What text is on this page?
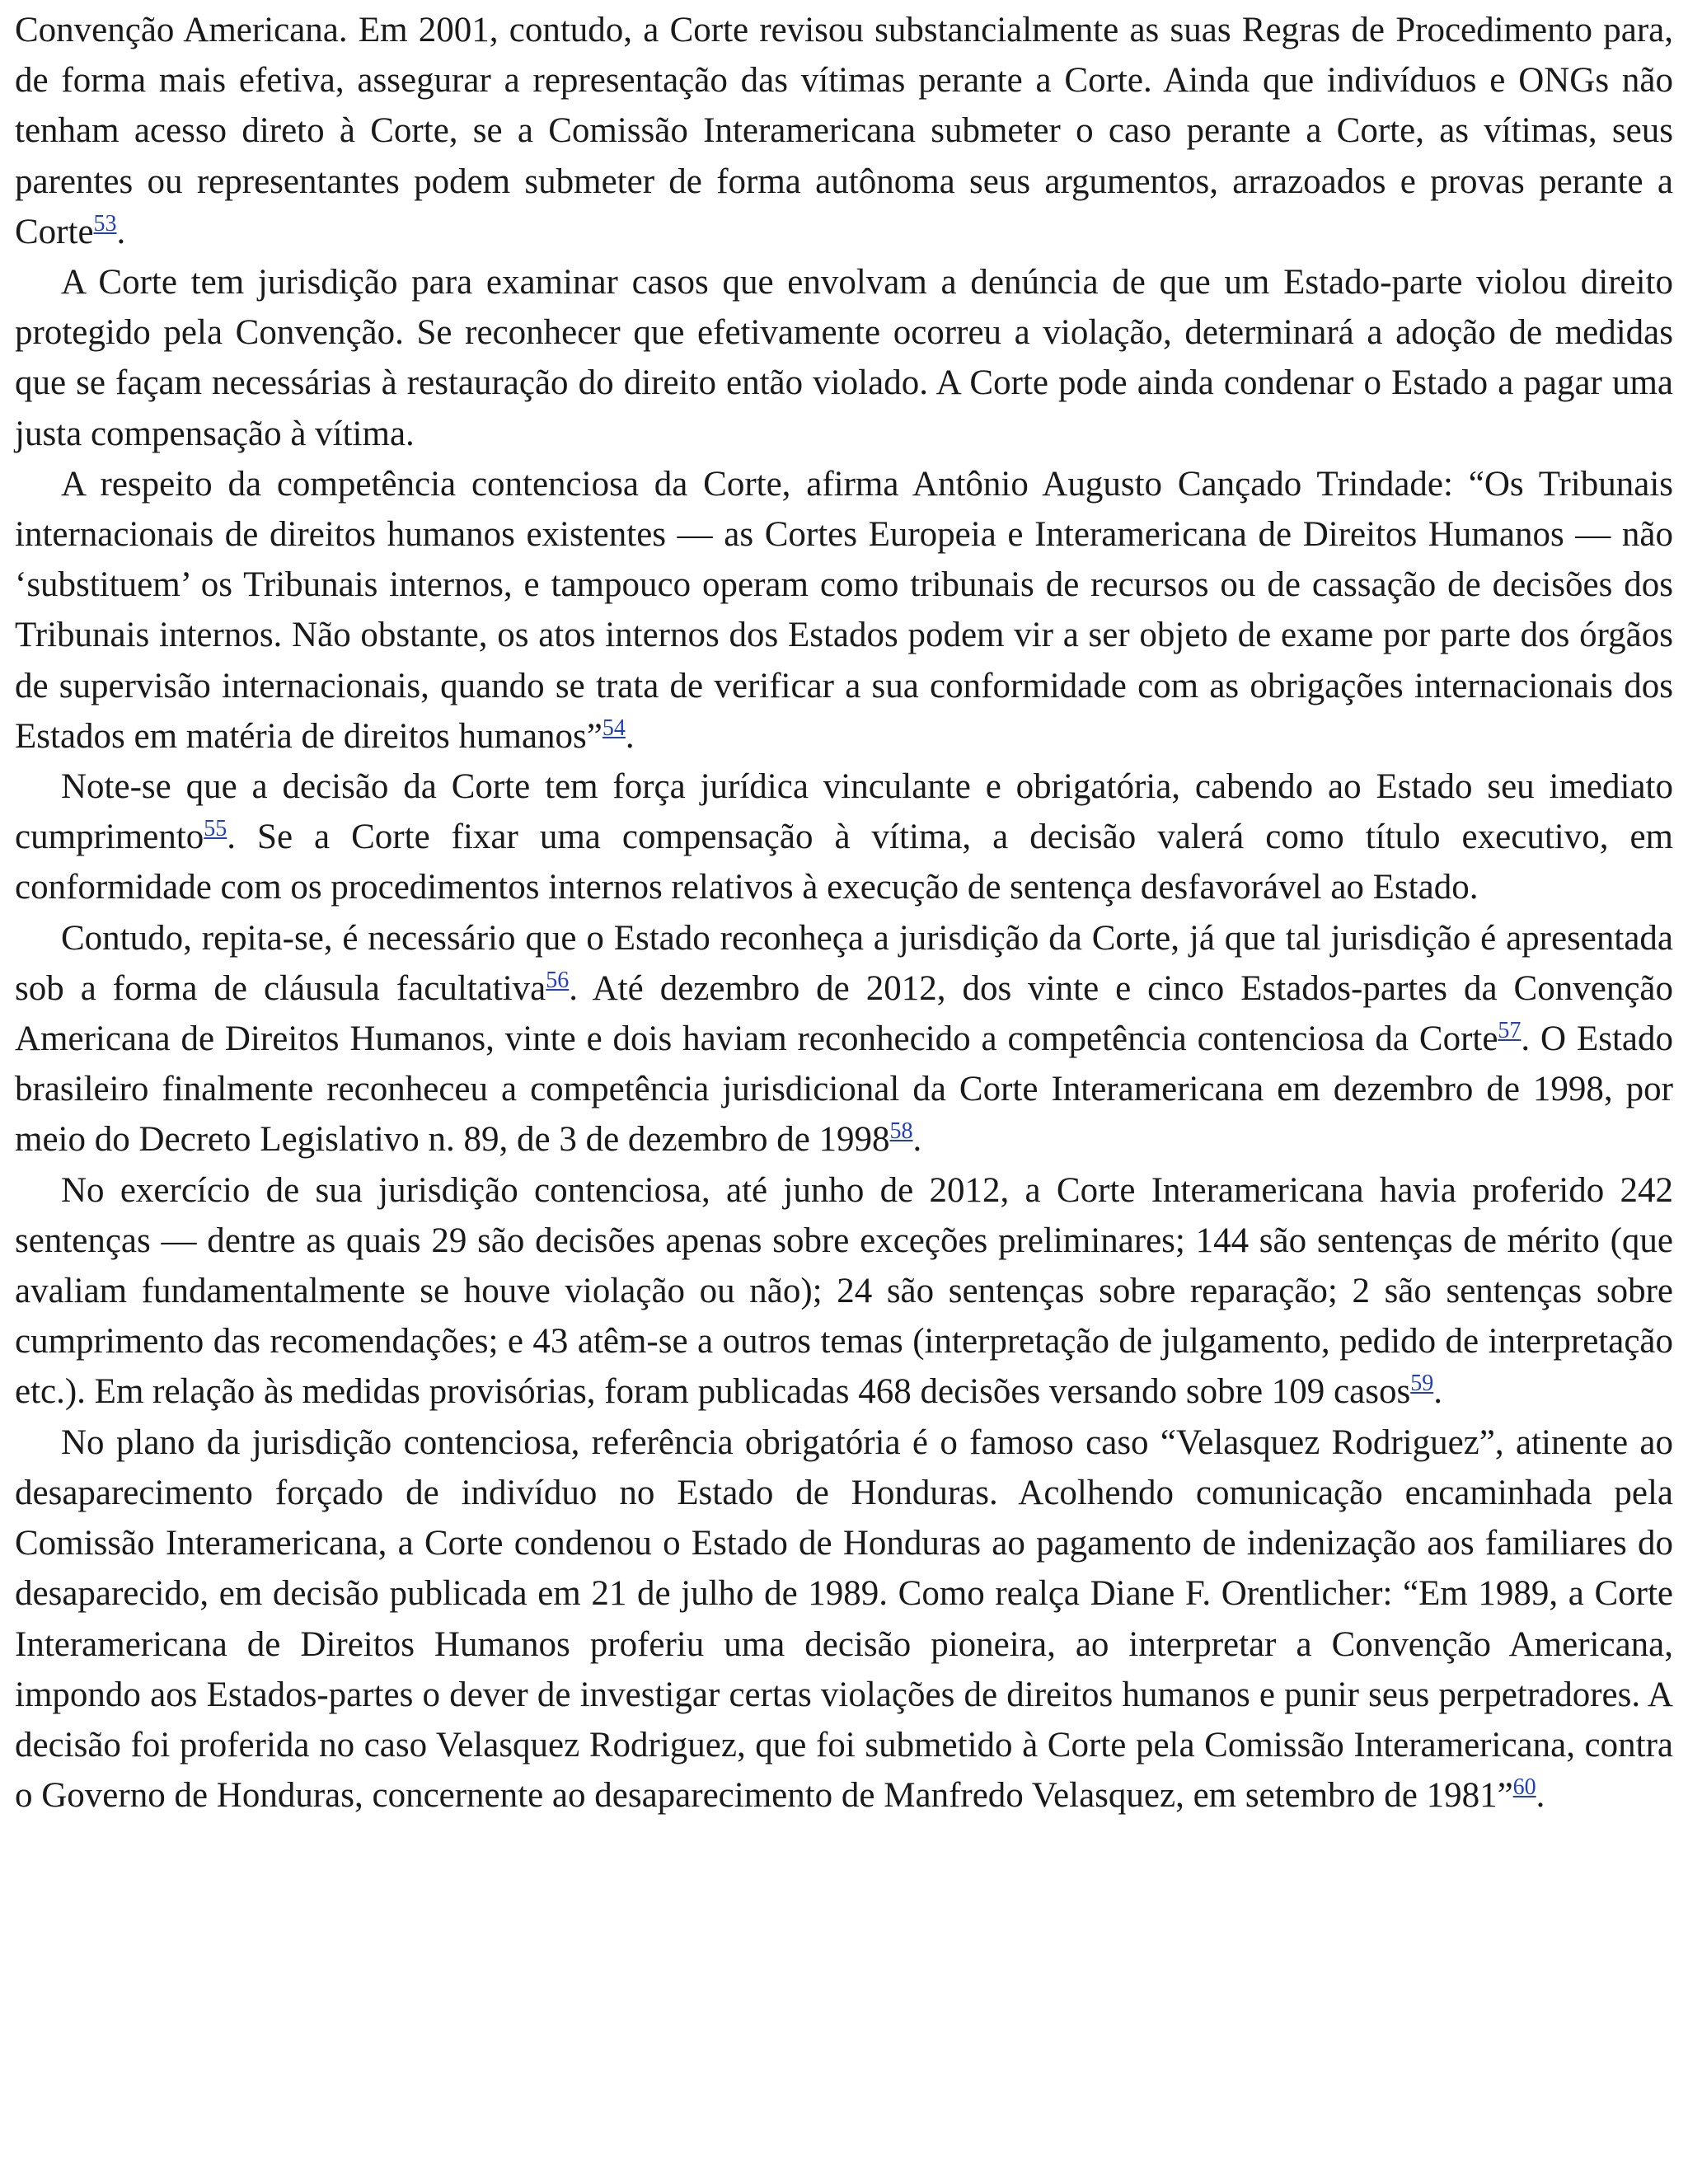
Convenção Americana. Em 2001, contudo, a Corte revisou substancialmente as suas Regras de Procedimento para, de forma mais efetiva, assegurar a representação das vítimas perante a Corte. Ainda que indivíduos e ONGs não tenham acesso direto à Corte, se a Comissão Interamericana submeter o caso perante a Corte, as vítimas, seus parentes ou representantes podem submeter de forma autônoma seus argumentos, arrazoados e provas perante a Corte$^{53}$.

A Corte tem jurisdição para examinar casos que envolvam a denúncia de que um Estado-parte violou direito protegido pela Convenção. Se reconhecer que efetivamente ocorreu a violação, determinará a adoção de medidas que se façam necessárias à restauração do direito então violado. A Corte pode ainda condenar o Estado a pagar uma justa compensação à vítima.

A respeito da competência contenciosa da Corte, afirma Antônio Augusto Cançado Trindade: “Os Tribunais internacionais de direitos humanos existentes — as Cortes Europeia e Interamericana de Direitos Humanos — não ‘substituem’ os Tribunais internos, e tampouco operam como tribunais de recursos ou de cassação de decisões dos Tribunais internos. Não obstante, os atos internos dos Estados podem vir a ser objeto de exame por parte dos órgãos de supervisão internacionais, quando se trata de verificar a sua conformidade com as obrigações internacionais dos Estados em matéria de direitos humanos”$^{54}$.

Note-se que a decisão da Corte tem força jurídica vinculante e obrigatória, cabendo ao Estado seu imediato cumprimento$^{55}$. Se a Corte fixar uma compensação à vítima, a decisão valerá como título executivo, em conformidade com os procedimentos internos relativos à execução de sentença desfavorável ao Estado.

Contudo, repita-se, é necessário que o Estado reconheça a jurisdição da Corte, já que tal jurisdição é apresentada sob a forma de cláusula facultativa$^{56}$. Até dezembro de 2012, dos vinte e cinco Estados-partes da Convenção Americana de Direitos Humanos, vinte e dois haviam reconhecido a competência contenciosa da Corte$^{57}$. O Estado brasileiro finalmente reconheceu a competência jurisdicional da Corte Interamericana em dezembro de 1998, por meio do Decreto Legislativo n. 89, de 3 de dezembro de 1998$^{58}$.

No exercício de sua jurisdição contenciosa, até junho de 2012, a Corte Interamericana havia proferido 242 sentenças — dentre as quais 29 são decisões apenas sobre exceções preliminares; 144 são sentenças de mérito (que avaliam fundamentalmente se houve violação ou não); 24 são sentenças sobre reparação; 2 são sentenças sobre cumprimento das recomendações; e 43 atêm-se a outros temas (interpretação de julgamento, pedido de interpretação etc.). Em relação às medidas provisórias, foram publicadas 468 decisões versando sobre 109 casos$^{59}$.

No plano da jurisdição contenciosa, referência obrigatória é o famoso caso “Velasquez Rodriguez”, atinente ao desaparecimento forçado de indivíduo no Estado de Honduras. Acolhendo comunicação encaminhada pela Comissão Interamericana, a Corte condenou o Estado de Honduras ao pagamento de indenização aos familiares do desaparecido, em decisão publicada em 21 de julho de 1989. Como realça Diane F. Orentlicher: “Em 1989, a Corte Interamericana de Direitos Humanos proferiu uma decisão pioneira, ao interpretar a Convenção Americana, impondo aos Estados-partes o dever de investigar certas violações de direitos humanos e punir seus perpetradores. A decisão foi proferida no caso Velasquez Rodriguez, que foi submetido à Corte pela Comissão Interamericana, contra o Governo de Honduras, concernente ao desaparecimento de Manfredo Velasquez, em setembro de 1981”$^{60}$.
